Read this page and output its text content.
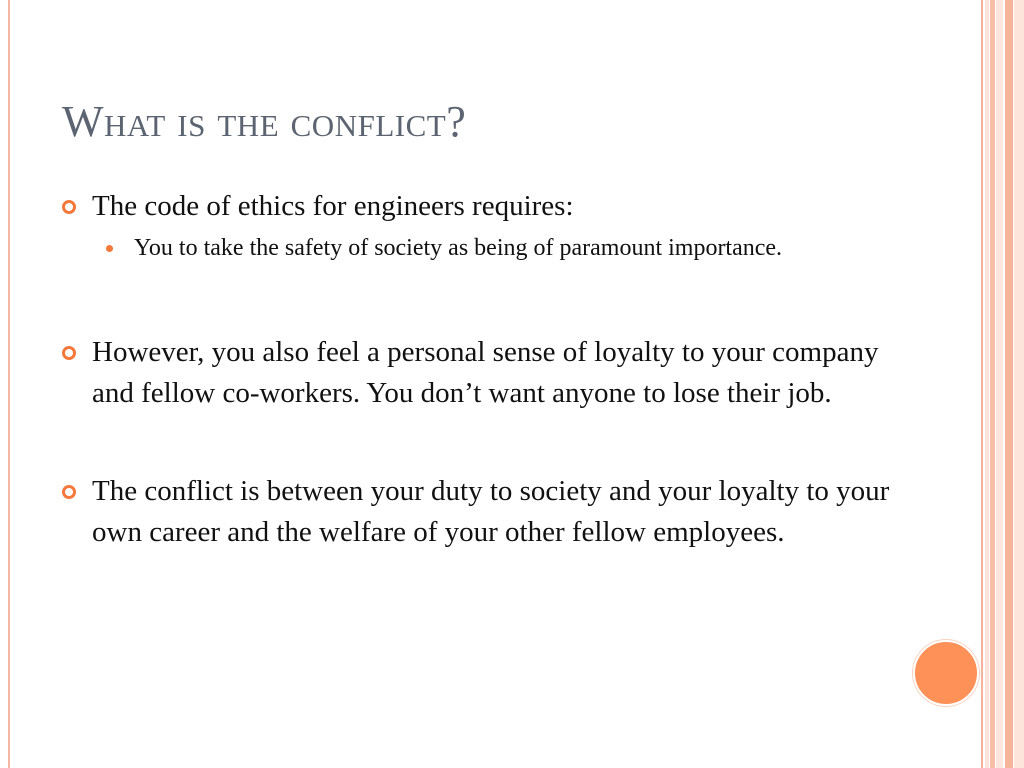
What is the conflict?
The code of ethics for engineers requires:
You to take the safety of society as being of paramount importance.
However, you also feel a personal sense of loyalty to your company and fellow co-workers. You don’t want anyone to lose their job.
The conflict is between your duty to society and your loyalty to your own career and the welfare of your other fellow employees.
